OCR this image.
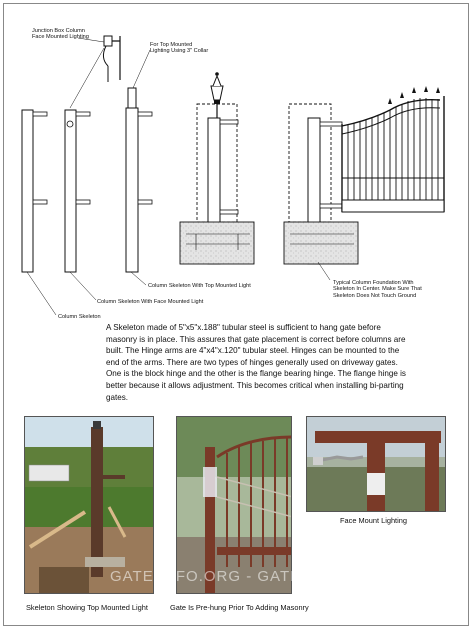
Junction Box Column
Face Mounted Lighting
For Top Mounted
Lighting Using 3" Collar
Column Skeleton With Top Mounted Light
Column Skeleton With Face Mounted Light
Column Skeleton
Typical Column Foundation With
Skeleton In Center. Make Sure That
Skeleton Does Not Touch Ground
A Skeleton made of 5"x5"x.188" tubular steel is sufficient to hang gate before masonry is in place. This assures that gate placement is correct before columns are built. The Hinge arms are 4"x4"x.120" tubular steel. Hinges can be mounted to the end of the arms. There are two types of hinges generally used on driveway gates. One is the block hinge and the other is the flange bearing hinge. The flange hinge is better because it allows adjustment. This becomes critical when installing bi-parting gates.
Skeleton Showing Top Mounted Light	Gate Is Pre-hung Prior To Adding Masonry
Face Mount Lighting
GATE INFO.ORG - GATE INFO.ORG
